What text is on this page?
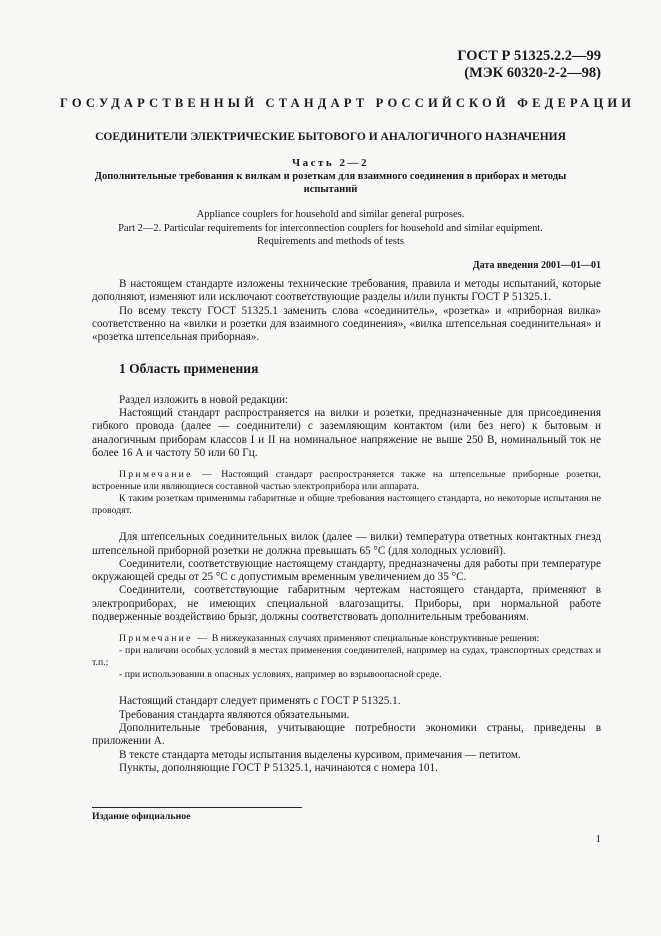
ГОСТ Р 51325.2.2—99
(МЭК 60320-2-2—98)
ГОСУДАРСТВЕННЫЙ СТАНДАРТ РОССИЙСКОЙ ФЕДЕРАЦИИ
СОЕДИНИТЕЛИ ЭЛЕКТРИЧЕСКИЕ БЫТОВОГО И АНАЛОГИЧНОГО НАЗНАЧЕНИЯ
Часть 2—2
Дополнительные требования к вилкам и розеткам для взаимного соединения в приборах и методы испытаний
Appliance couplers for household and similar general purposes.
Part 2—2. Particular requirements for interconnection couplers for household and similar equipment.
Requirements and methods of tests
Дата введения 2001—01—01

В настоящем стандарте изложены технические требования, правила и методы испытаний, которые дополняют, изменяют или исключают соответствующие разделы и/или пункты ГОСТ Р 51325.1.

По всему тексту ГОСТ 51325.1 заменить слова «соединитель», «розетка» и «приборная вилка» соответственно на «вилки и розетки для взаимного соединения», «вилка штепсельная соединительная» и «розетка штепсельная приборная».

1 Область применения

Раздел изложить в новой редакции:

Настоящий стандарт распространяется на вилки и розетки, предназначенные для присоединения гибкого провода (далее — соединители) с заземляющим контактом (или без него) к бытовым и аналогичным приборам классов I и II на номинальное напряжение не выше 250 В, номинальный ток не более 16 А и частоту 50 или 60 Гц.

Примечание — Настоящий стандарт распространяется также на штепсельные приборные розетки, встроенные или являющиеся составной частью электроприбора или аппарата.

К таким розеткам применимы габаритные и общие требования настоящего стандарта, но некоторые испытания не проводят.

Для штепсельных соединительных вилок (далее — вилки) температура ответных контактных гнезд штепсельной приборной розетки не должна превышать 65 °С (для холодных условий).

Соединители, соответствующие настоящему стандарту, предназначены для работы при температуре окружающей среды от 25 °С с допустимым временным увеличением до 35 °С.

Соединители, соответствующие габаритным чертежам настоящего стандарта, применяют в электроприборах, не имеющих специальной влагозащиты. Приборы, при нормальной работе подверженные воздействию брызг, должны соответствовать дополнительным требованиям.

Примечание — В нижеуказанных случаях применяют специальные конструктивные решения:

- при наличии особых условий в местах применения соединителей, например на судах, транспортных средствах и т.п.;

- при использовании в опасных условиях, например во взрывоопасной среде.

Настоящий стандарт следует применять с ГОСТ Р 51325.1.

Требования стандарта являются обязательными.

Дополнительные требования, учитывающие потребности экономики страны, приведены в приложении А.

В тексте стандарта методы испытания выделены курсивом, примечания — петитом.

Пункты, дополняющие ГОСТ Р 51325.1, начинаются с номера 101.

Издание официальное
1
